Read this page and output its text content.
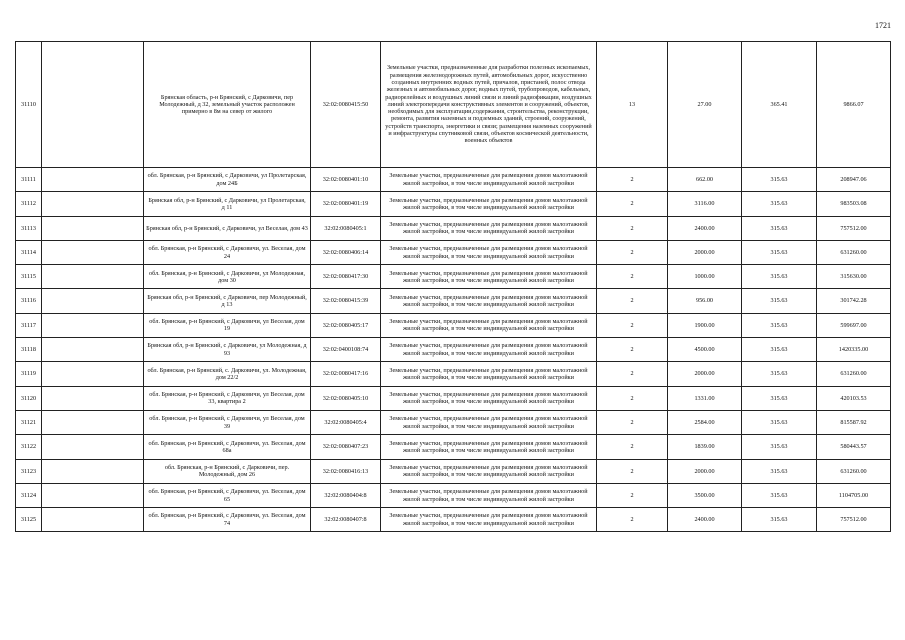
1721
31110		Брянская область, р-н Брянский, с Дарковичи, пер Молодежный, д 32, земельный участок расположен примерно в 8м на север от жилого	32:02:0080415:50	Земельные участки, предназначенные для разработки полезных ископаемых, размещения железнодорожных путей, автомобильных дорог, искусственно созданных внутренних водных путей, причалов, пристаней, полос отвода железных и автомобильных дорог, водных путей, трубопроводов, кабельных, радиорелейных и воздушных линий связи и линий радиофикации, воздушных линий электропередачи конструктивных элементов и сооружений, объектов, необходимых для эксплуатации,содержания, строительства, реконструкции, ремонта, развития наземных и подземных зданий, строений, сооружений, устройств транспорта, энергетики и связи; размещения наземных сооружений и инфраструктуры спутниковой связи, объектов космической деятельности, военных объектов	13	27.00	365.41	9866.07
31111		обл. Брянская, р-н Брянский, с Дарковичи, ул Пролетарская, дом 24Б	32:02:0080401:10	Земельные участки, предназначенные для размещения домов малоэтажной жилой застройки, в том числе индивидуальной жилой застройки	2	662.00	315.63	208947.06
31112		Брянская обл, р-н Брянский, с Дарковичи, ул Пролетарская, д 11	32:02:0080401:19	Земельные участки, предназначенные для размещения домов малоэтажной жилой застройки, в том числе индивидуальной жилой застройки	2	3116.00	315.63	983503.08
31113		Брянская обл, р-н Брянский, с Дарковичи, ул Веселая, дом 43	32:02:0080405:1	Земельные участки, предназначенные для размещения домов малоэтажной жилой застройки, в том числе индивидуальной жилой застройки	2	2400.00	315.63	757512.00
31114		обл. Брянская, р-н Брянский, с Дарковичи, ул. Веселая, дом 24	32:02:0080406:14	Земельные участки, предназначенные для размещения домов малоэтажной жилой застройки, в том числе индивидуальной жилой застройки	2	2000.00	315.63	631260.00
31115		обл. Брянская, р-н Брянский, с Дарковичи, ул Молодежная, дом 30	32:02:0080417:30	Земельные участки, предназначенные для размещения домов малоэтажной жилой застройки, в том числе индивидуальной жилой застройки	2	1000.00	315.63	315630.00
31116		Брянская обл, р-н Брянский, с Дарковичи, пер Молодежный, д 13	32:02:0080415:39	Земельные участки, предназначенные для размещения домов малоэтажной жилой застройки, в том числе индивидуальной жилой застройки	2	956.00	315.63	301742.28
31117		обл. Брянская, р-н Брянский, с Дарковичи, ул Веселая, дом 19	32:02:0080405:17	Земельные участки, предназначенные для размещения домов малоэтажной жилой застройки, в том числе индивидуальной жилой застройки	2	1900.00	315.63	599697.00
31118		Брянская обл, р-н Брянский, с Дарковичи, ул Молодежная, д 93	32:02:0400108:74	Земельные участки, предназначенные для размещения домов малоэтажной жилой застройки, в том числе индивидуальной жилой застройки	2	4500.00	315.63	1420335.00
31119		обл. Брянская, р-н Брянский, с. Дарковичи, ул. Молодежная, дом 22/2	32:02:0080417:16	Земельные участки, предназначенные для размещения домов малоэтажной жилой застройки, в том числе индивидуальной жилой застройки	2	2000.00	315.63	631260.00
31120		обл. Брянская, р-н Брянский, с Дарковичи, ул Веселая, дом 33, квартира 2	32:02:0080405:10	Земельные участки, предназначенные для размещения домов малоэтажной жилой застройки, в том числе индивидуальной жилой застройки	2	1331.00	315.63	420103.53
31121		обл. Брянская, р-н Брянский, с Дарковичи, ул Веселая, дом 39	32:02:0080405:4	Земельные участки, предназначенные для размещения домов малоэтажной жилой застройки, в том числе индивидуальной жилой застройки	2	2584.00	315.63	815587.92
31122		обл. Брянская, р-н Брянский, с Дарковичи, ул. Веселая, дом 68а	32:02:0080407:23	Земельные участки, предназначенные для размещения домов малоэтажной жилой застройки, в том числе индивидуальной жилой застройки	2	1839.00	315.63	580443.57
31123		обл. Брянская, р-н Брянский, с Дарковичи, пер. Молодежный, дом 26	32:02:0080416:13	Земельные участки, предназначенные для размещения домов малоэтажной жилой застройки, в том числе индивидуальной жилой застройки	2	2000.00	315.63	631260.00
31124		обл. Брянская, р-н Брянский, с Дарковичи, ул. Веселая, дом 65	32:02:0080404:8	Земельные участки, предназначенные для размещения домов малоэтажной жилой застройки, в том числе индивидуальной жилой застройки	2	3500.00	315.63	1104705.00
31125		обл. Брянская, р-н Брянский, с Дарковичи, ул. Веселая, дом 74	32:02:0080407:8	Земельные участки, предназначенные для размещения домов малоэтажной жилой застройки, в том числе индивидуальной жилой застройки	2	2400.00	315.63	757512.00
